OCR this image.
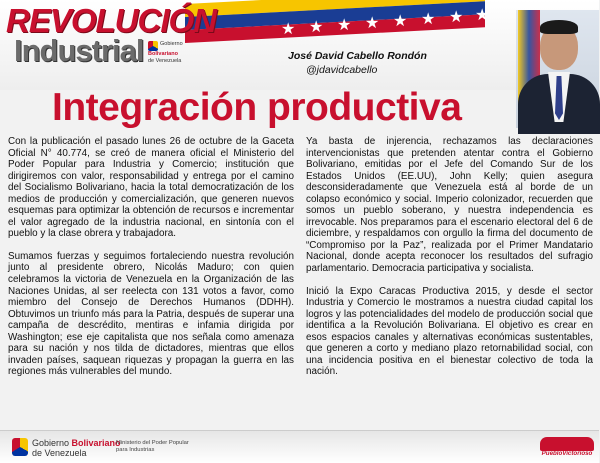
★ ★ ★ ★ ★ ★ ★ ★
REVOLUCIÓN
Industrial	Gobierno
Bolivariano
de Venezuela	José David Cabello Rondón
@jdavidcabello
Integración productiva

Con la publicación el pasado lunes 26 de octubre de la Gaceta Oficial N° 40.774, se creó de manera oficial el Ministerio del Poder Popular para Industria y Comercio; institución que dirigiremos con valor, responsabilidad y entrega por el camino del Socialismo Bolivariano, hacia la total democratización de los medios de producción y comercialización, que generen nuevos esquemas para optimizar la obtención de recursos e incrementar el valor agregado de la industria nacional, en sintonía con el pueblo y la clase obrera y trabajadora.

Sumamos fuerzas y seguimos fortaleciendo nuestra revolución junto al presidente obrero, Nicolás Maduro; con quien celebramos la victoria de Venezuela en la Organización de las Naciones Unidas, al ser reelecta con 131 votos a favor, como miembro del Consejo de Derechos Humanos (DDHH). Obtuvimos un triunfo más para la Patria, después de superar una campaña de descrédito, mentiras e infamia dirigida por Washington; ese eje capitalista que nos señala como amenaza para su nación y nos tilda de dictadores, mientras que ellos invaden países, saquean riquezas y propagan la guerra en las regiones más vulnerables del mundo.

Ya basta de injerencia, rechazamos las declaraciones intervencionistas que pretenden atentar contra el Gobierno Bolivariano, emitidas por el Jefe del Comando Sur de los Estados Unidos (EE.UU), John Kelly; quien asegura desconsideradamente que Venezuela está al borde de un colapso económico y social. Imperio colonizador, recuerden que somos un pueblo soberano, y nuestra independencia es irrevocable. Nos preparamos para el escenario electoral del 6 de diciembre, y respaldamos con orgullo la firma del documento de “Compromiso por la Paz”, realizada por el Primer Mandatario Nacional, donde acepta reconocer los resultados del sufragio parlamentario. Democracia participativa y socialista.

Inició la Expo Caracas Productiva 2015, y desde el sector Industria y Comercio le mostramos a nuestra ciudad capital los logros y las potencialidades del modelo de producción social que identifica a la Revolución Bolivariana. El objetivo es crear en esos espacios canales y alternativas económicas sustentables, que generen a corto y mediano plazo retornabilidad social, con una incidencia positiva en el bienestar colectivo de toda la nación.

Gobierno Bolivariano
de Venezuela
Ministerio del Poder Popular
para Industrias	PuebloVictorioso
